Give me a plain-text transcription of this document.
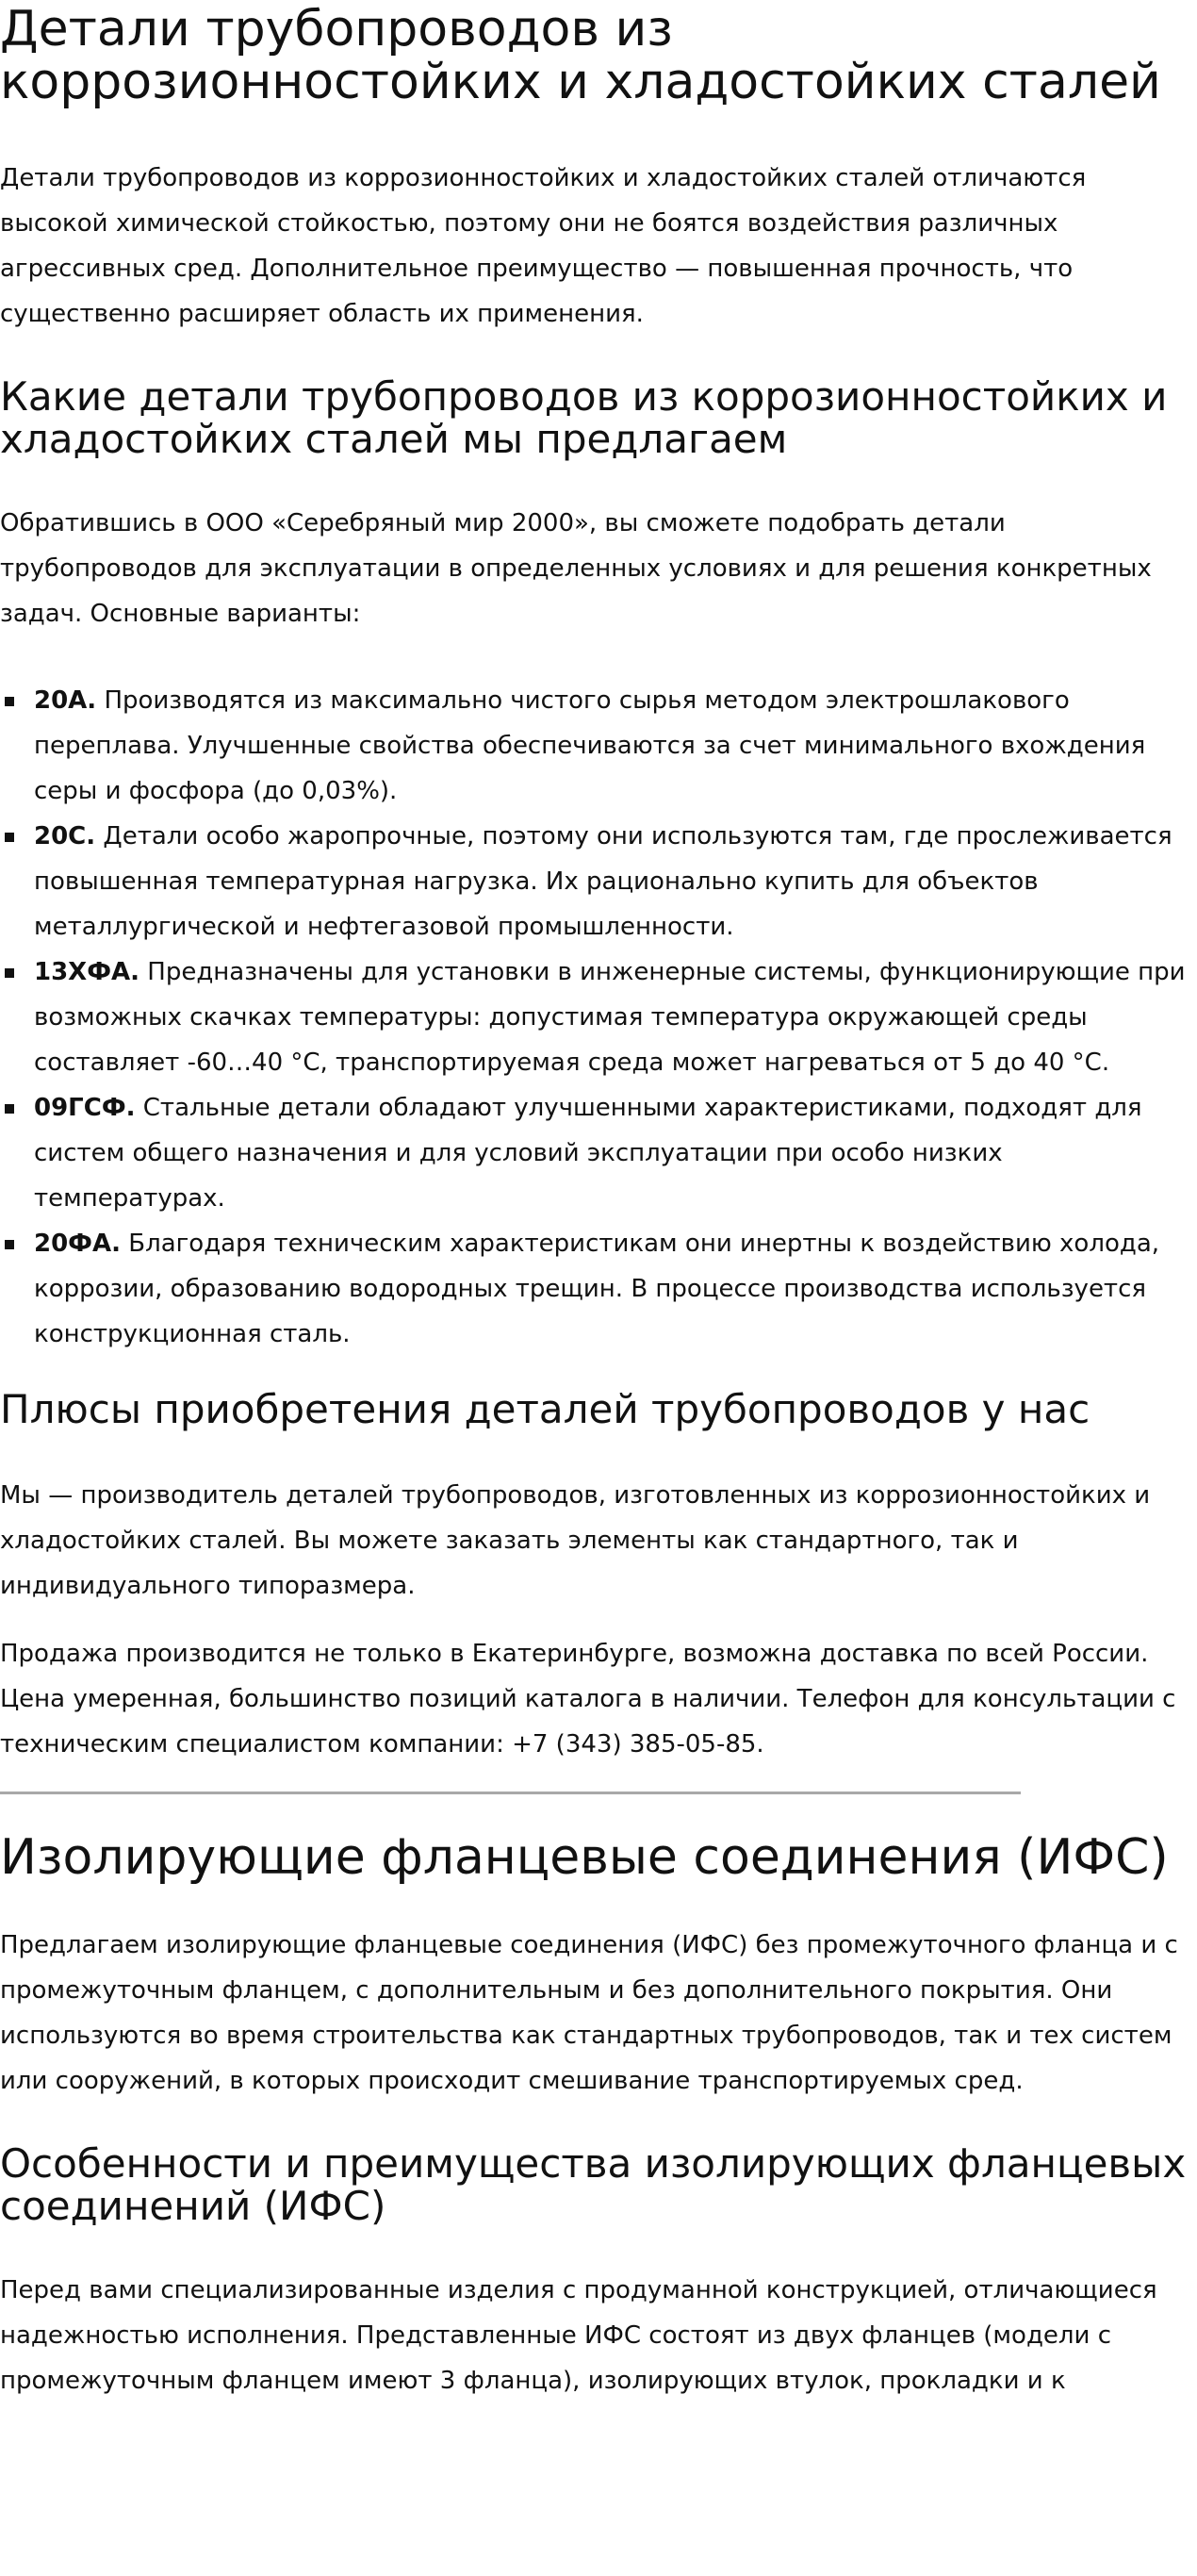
Детали трубопроводов из коррозионностойких и хладостойких сталей

Детали трубопроводов из коррозионностойких и хладостойких сталей отличаются высокой химической стойкостью, поэтому они не боятся воздействия различных агрессивных сред. Дополнительное преимущество — повышенная прочность, что существенно расширяет область их применения.

Какие детали трубопроводов из коррозионностойких и хладостойких сталей мы предлагаем

Обратившись в ООО «Серебряный мир 2000», вы сможете подобрать детали трубопроводов для эксплуатации в определенных условиях и для решения конкретных задач. Основные варианты:

20А. Производятся из максимально чистого сырья методом электрошлакового переплава. Улучшенные свойства обеспечиваются за счет минимального вхождения серы и фосфора (до 0,03%).
20С. Детали особо жаропрочные, поэтому они используются там, где прослеживается повышенная температурная нагрузка. Их рационально купить для объектов металлургической и нефтегазовой промышленности.
13ХФА. Предназначены для установки в инженерные системы, функционирующие при возможных скачках температуры: допустимая температура окружающей среды составляет -60…40 °C, транспортируемая среда может нагреваться от 5 до 40 °C.
09ГСФ. Стальные детали обладают улучшенными характеристиками, подходят для систем общего назначения и для условий эксплуатации при особо низких температурах.
20ФА. Благодаря техническим характеристикам они инертны к воздействию холода, коррозии, образованию водородных трещин. В процессе производства используется конструкционная сталь.
Плюсы приобретения деталей трубопроводов у нас

Мы — производитель деталей трубопроводов, изготовленных из коррозионностойких и хладостойких сталей. Вы можете заказать элементы как стандартного, так и индивидуального типоразмера.

Продажа производится не только в Екатеринбурге, возможна доставка по всей России. Цена умеренная, большинство позиций каталога в наличии. Телефон для консультации с техническим специалистом компании: +7 (343) 385-05-85.

Изолирующие фланцевые соединения (ИФС)

Предлагаем изолирующие фланцевые соединения (ИФС) без промежуточного фланца и с промежуточным фланцем, с дополнительным и без дополнительного покрытия. Они используются во время строительства как стандартных трубопроводов, так и тех систем или сооружений, в которых происходит смешивание транспортируемых сред.

Особенности и преимущества изолирующих фланцевых соединений (ИФС)

Перед вами специализированные изделия с продуманной конструкцией, отличающиеся надежностью исполнения. Представленные ИФС состоят из двух фланцев (модели с промежуточным фланцем имеют 3 фланца), изолирующих втулок, прокладки и к
